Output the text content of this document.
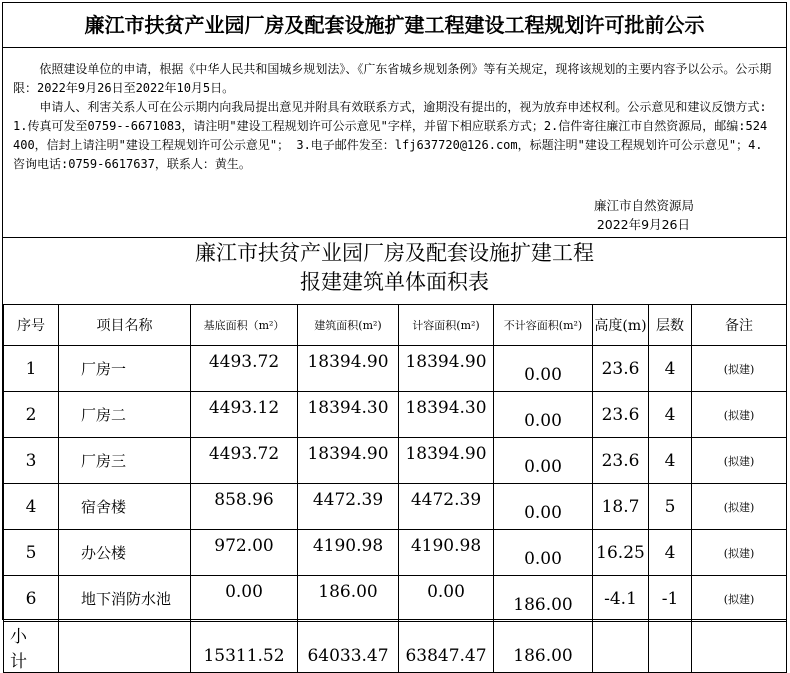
廉江市扶贫产业园厂房及配套设施扩建工程建设工程规划许可批前公示

依照建设单位的申请，根据《中华人民共和国城乡规划法》、《广东省城乡规划条例》等有关规定，现将该规划的主要内容予以公示。公示期限：2022年9月26日至2022年10月5日。

申请人、利害关系人可在公示期内向我局提出意见并附具有效联系方式，逾期没有提出的，视为放弃申述权利。公示意见和建议反馈方式:1.传真可发至0759--6671083，请注明"建设工程规划许可公示意见"字样，并留下相应联系方式；2.信件寄往廉江市自然资源局，邮编:524400，信封上请注明"建设工程规划许可公示意见"； 3.电子邮件发至：lfj637720@126.com，标题注明"建设工程规划许可公示意见"；4.咨询电话:0759-6617637，联系人：黄生。

廉江市自然资源局
2022年9月26日
廉江市扶贫产业园厂房及配套设施扩建工程
报建建筑单体面积表
序号	项目名称	基底面积（m²）	建筑面积(m²)	计容面积(m²)	不计容面积(m²)	高度(m)	层数	备注
1	厂房一	4493.72	18394.90	18394.90	0.00	23.6	4	(拟建)
2	厂房二	4493.12	18394.30	18394.30	0.00	23.6	4	(拟建)
3	厂房三	4493.72	18394.90	18394.90	0.00	23.6	4	(拟建)
4	宿舍楼	858.96	4472.39	4472.39	0.00	18.7	5	(拟建)
5	办公楼	972.00	4190.98	4190.98	0.00	16.25	4	(拟建)
6	地下消防水池	0.00	186.00	0.00	186.00	-4.1	-1	(拟建)
小　计		15311.52	64033.47	63847.47	186.00			
